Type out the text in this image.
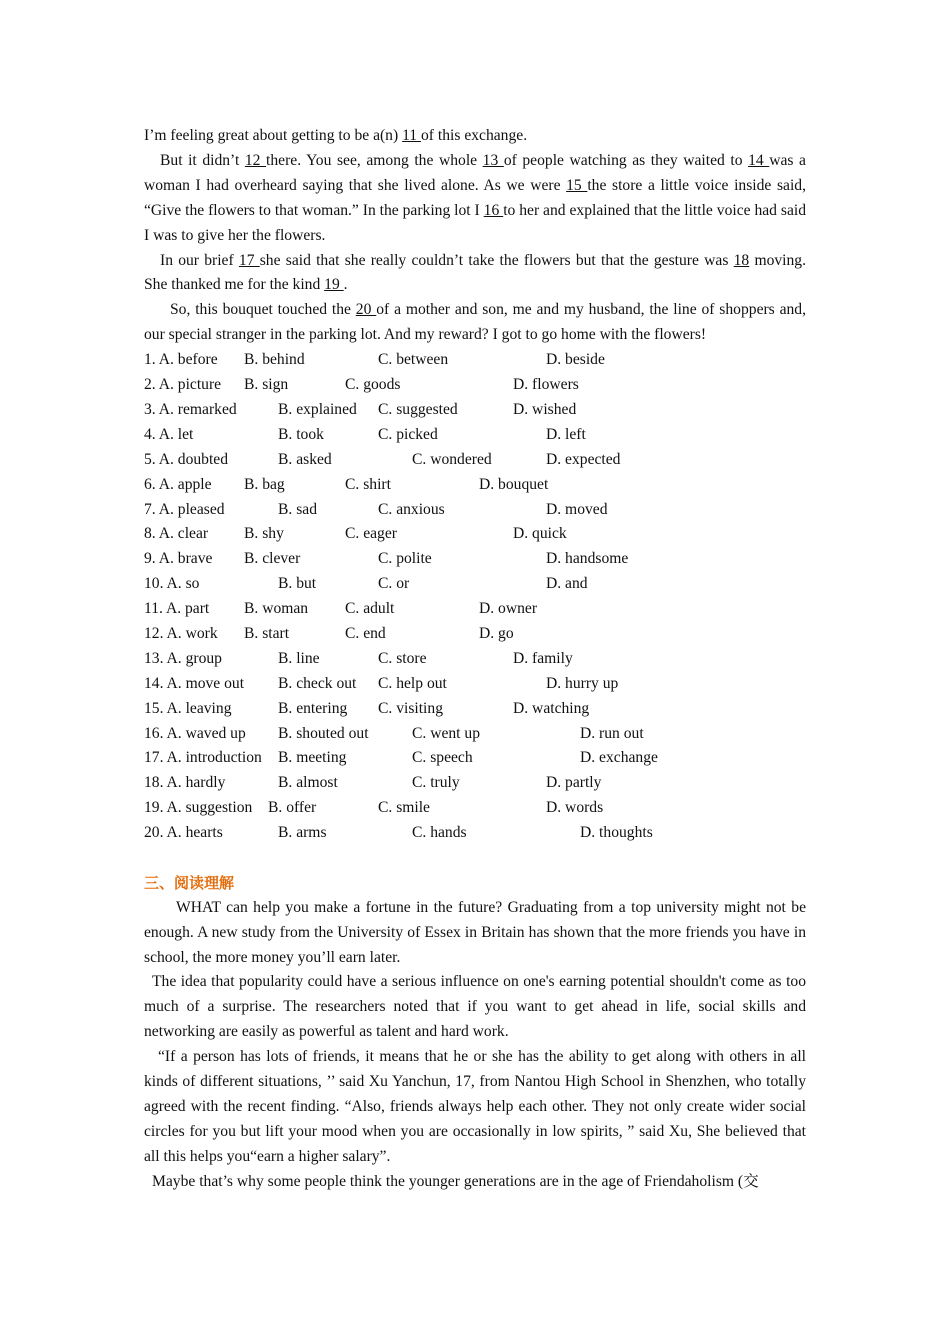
I’m feeling great about getting to be a(n) 11 of this exchange.

But it didn’t 12 there. You see, among the whole 13 of people watching as they waited to 14 was a woman I had overheard saying that she lived alone. As we were 15 the store a little voice inside said, “Give the flowers to that woman.” In the parking lot I 16 to her and explained that the little voice had said I was to give her the flowers.

In our brief 17 she said that she really couldn’t take the flowers but that the gesture was 18 moving. She thanked me for the kind 19 .

So, this bouquet touched the 20 of a mother and son, me and my husband, the line of shoppers and, our special stranger in the parking lot. And my reward? I got to go home with the flowers!

1. A. before B. behind	C. between	D. beside
2. A. picture B. sign	C. goods	D. flowers
3. A. remarked	B. explained C. suggested	D. wished
4. A. let	B. took	C. picked	D. left
5. A. doubted	B. asked	C. wondered	D. expected
6. A. apple B. bag	C. shirt	D. bouquet
7. A. pleased	B. sad	C. anxious	D. moved
8. A. clear B. shy	C. eager	D. quick
9. A. brave B. clever	C. polite	D. handsome
10. A. so	B. but	C. or	D. and
11. A. part B. woman C. adult	D. owner
12. A. work B. start	C. end	D. go
13. A. group	B. line	C. store	D. family
14. A. move out B. check out C. help out	D. hurry up
15. A. leaving	B. entering C. visiting	D. watching
16. A. waved up B. shouted out	C. went up	D. run out
17. A. introduction B. meeting	C. speech	D. exchange
18. A. hardly	B. almost	C. truly	D. partly
19. A. suggestion B. offer	C. smile	D. words
20. A. hearts	B. arms	C. hands	D. thoughts

三、阅读理解

WHAT can help you make a fortune in the future? Graduating from a top university might not be enough. A new study from the University of Essex in Britain has shown that the more friends you have in school, the more money you’ll earn later.

The idea that popularity could have a serious influence on one's earning potential shouldn't come as too much of a surprise. The researchers noted that if you want to get ahead in life, social skills and networking are easily as powerful as talent and hard work.

“If a person has lots of friends, it means that he or she has the ability to get along with others in all kinds of different situations, ’’ said Xu Yanchun, 17, from Nantou High School in Shenzhen, who totally agreed with the recent finding. “Also, friends always help each other. They not only create wider social circles for you but lift your mood when you are occasionally in low spirits, ” said Xu, She believed that all this helps you“earn a higher salary”.

Maybe that’s why some people think the younger generations are in the age of Friendaholism (交
